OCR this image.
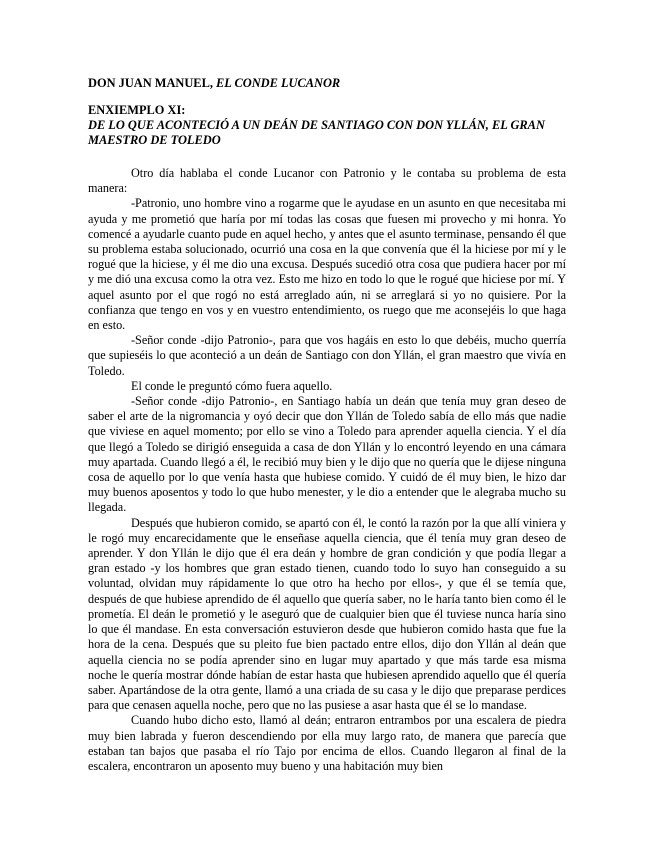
DON JUAN MANUEL, EL CONDE LUCANOR
ENXIEMPLO XI:
DE LO QUE ACONTECIÓ A UN DEÁN DE SANTIAGO CON DON YLLÁN, EL GRAN MAESTRO DE TOLEDO

Otro día hablaba el conde Lucanor con Patronio y le contaba su problema de esta manera:

-Patronio, uno hombre vino a rogarme que le ayudase en un asunto en que necesitaba mi ayuda y me prometió que haría por mí todas las cosas que fuesen mi provecho y mi honra. Yo comencé a ayudarle cuanto pude en aquel hecho, y antes que el asunto terminase, pensando él que su problema estaba solucionado, ocurrió una cosa en la que convenía que él la hiciese por mí y le rogué que la hiciese, y él me dio una excusa. Después sucedió otra cosa que pudiera hacer por mí y me dió una excusa como la otra vez. Esto me hizo en todo lo que le rogué que hiciese por mí. Y aquel asunto por el que rogó no está arreglado aún, ni se arreglará si yo no quisiere. Por la confianza que tengo en vos y en vuestro entendimiento, os ruego que me aconsejéis lo que haga en esto.

-Señor conde -dijo Patronio-, para que vos hagáis en esto lo que debéis, mucho querría que supieséis lo que aconteció a un deán de Santiago con don Yllán, el gran maestro que vivía en Toledo.

El conde le preguntó cómo fuera aquello.

-Señor conde -dijo Patronio-, en Santiago había un deán que tenía muy gran deseo de saber el arte de la nigromancia y oyó decir que don Yllán de Toledo sabía de ello más que nadie que viviese en aquel momento; por ello se vino a Toledo para aprender aquella ciencia. Y el día que llegó a Toledo se dirigió enseguida a casa de don Yllán y lo encontró leyendo en una cámara muy apartada. Cuando llegó a él, le recibió muy bien y le dijo que no quería que le dijese ninguna cosa de aquello por lo que venía hasta que hubiese comido. Y cuidó de él muy bien, le hizo dar muy buenos aposentos y todo lo que hubo menester, y le dio a entender que le alegraba mucho su llegada.

Después que hubieron comido, se apartó con él, le contó la razón por la que allí viniera y le rogó muy encarecidamente que le enseñase aquella ciencia, que él tenía muy gran deseo de aprender. Y don Yllán le dijo que él era deán y hombre de gran condición y que podía llegar a gran estado -y los hombres que gran estado tienen, cuando todo lo suyo han conseguido a su voluntad, olvidan muy rápidamente lo que otro ha hecho por ellos-, y que él se temía que, después de que hubiese aprendido de él aquello que quería saber, no le haría tanto bien como él le prometía. El deán le prometió y le aseguró que de cualquier bien que él tuviese nunca haría sino lo que él mandase. En esta conversación estuvieron desde que hubieron comido hasta que fue la hora de la cena. Después que su pleito fue bien pactado entre ellos, dijo don Yllán al deán que aquella ciencia no se podía aprender sino en lugar muy apartado y que más tarde esa misma noche le quería mostrar dónde habían de estar hasta que hubiesen aprendido aquello que él quería saber. Apartándose de la otra gente, llamó a una criada de su casa y le dijo que preparase perdices para que cenasen aquella noche, pero que no las pusiese a asar hasta que él se lo mandase.

Cuando hubo dicho esto, llamó al deán; entraron entrambos por una escalera de piedra muy bien labrada y fueron descendiendo por ella muy largo rato, de manera que parecía que estaban tan bajos que pasaba el río Tajo por encima de ellos. Cuando llegaron al final de la escalera, encontraron un aposento muy bueno y una habitación muy bien
